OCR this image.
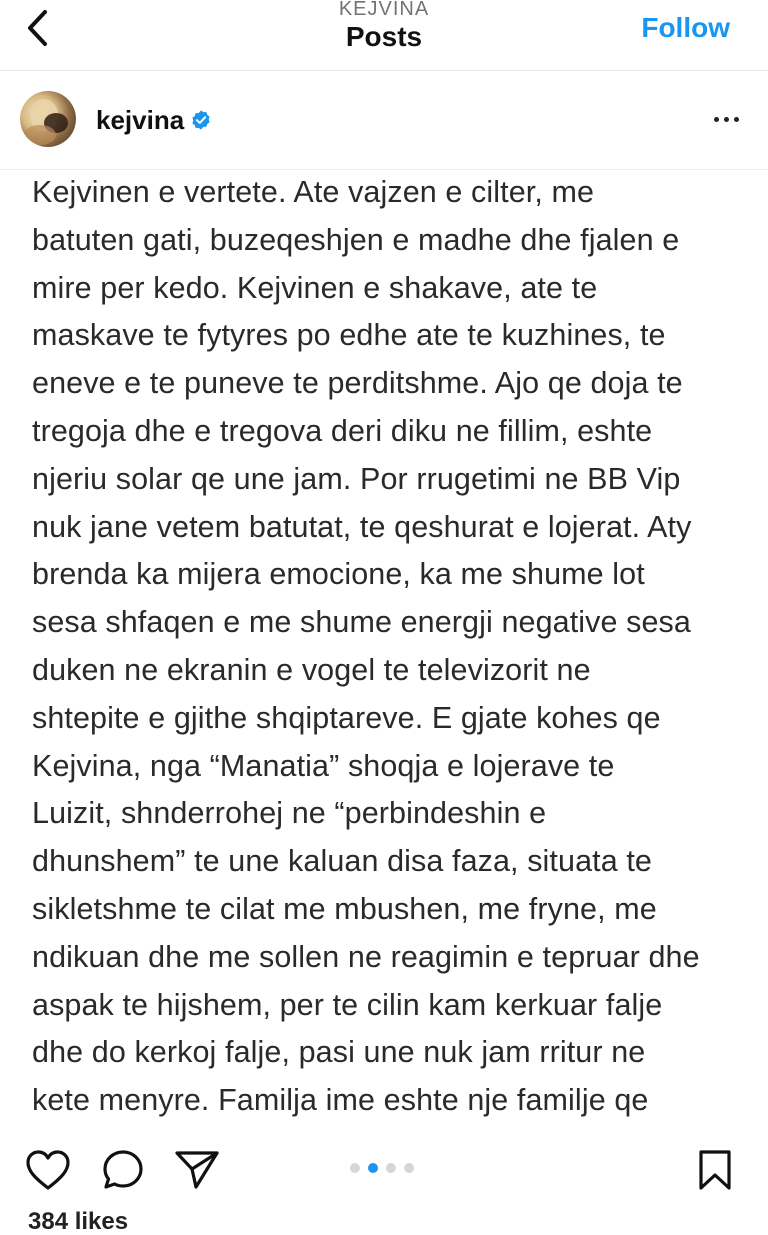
KEJVINA
Posts	Follow
kejvina
Kejvinen e vertete. Ate vajzen e cilter, me
batuten gati, buzeqeshjen e madhe dhe fjalen e
mire per kedo. Kejvinen e shakave, ate te
maskave te fytyres po edhe ate te kuzhines, te
eneve e te puneve te perditshme. Ajo qe doja te
tregoja dhe e tregova deri diku ne fillim, eshte
njeriu solar qe une jam. Por rrugetimi ne BB Vip
nuk jane vetem batutat, te qeshurat e lojerat. Aty
brenda ka mijera emocione, ka me shume lot
sesa shfaqen e me shume energji negative sesa
duken ne ekranin e vogel te televizorit ne
shtepite e gjithe shqiptareve. E gjate kohes qe
Kejvina, nga “Manatia” shoqja e lojerave te
Luizit, shnderrohej ne “perbindeshin e
dhunshem” te une kaluan disa faza, situata te
sikletshme te cilat me mbushen, me fryne, me
ndikuan dhe me sollen ne reagimin e tepruar dhe
aspak te hijshem, per te cilin kam kerkuar falje
dhe do kerkoj falje, pasi une nuk jam rritur ne
kete menyre. Familja ime eshte nje familje qe
384 likes
